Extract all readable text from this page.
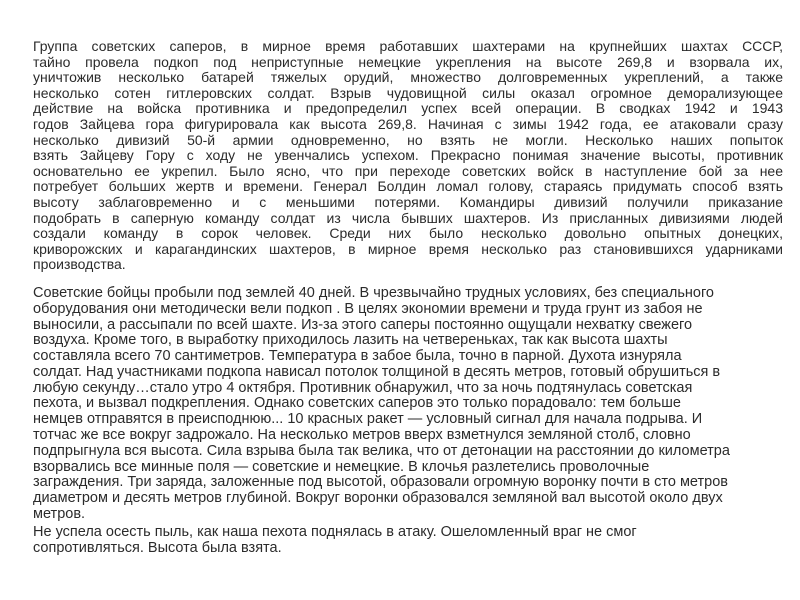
Группа советских саперов, в мирное время работавших шахтерами на крупнейших шахтах СССР,
тайно провела подкоп под неприступные немецкие укрепления на высоте 269,8 и взорвала их,
уничтожив несколько батарей тяжелых орудий, множество долговременных укреплений, а также
несколько сотен гитлеровских солдат. Взрыв чудовищной силы оказал огромное деморализующее
действие на войска противника и предопределил успех всей операции. В сводках 1942 и 1943
годов Зайцева гора фигурировала как высота 269,8. Начиная с зимы 1942 года, ее атаковали сразу
несколько дивизий 50-й армии одновременно, но взять не могли. Несколько наших попыток
взять Зайцеву Гору с ходу не увенчались успехом. Прекрасно понимая значение высоты, противник
основательно ее укрепил. Было ясно, что при переходе советских войск в наступление бой за нее
потребует больших жертв и времени. Генерал Болдин ломал голову, стараясь придумать способ взять
высоту заблаговременно и с меньшими потерями. Командиры дивизий получили приказание
подобрать в саперную команду солдат из числа бывших шахтеров. Из присланных дивизиями людей
создали команду в сорок человек. Среди них было несколько довольно опытных донецких,
криворожских и карагандинских шахтеров, в мирное время несколько раз становившихся ударниками
производства.
Советские бойцы пробыли под землей 40 дней. В чрезвычайно трудных условиях, без специального
оборудования они методически вели подкоп . В целях экономии времени и труда грунт из забоя не
выносили, а рассыпали по всей шахте. Из-за этого саперы постоянно ощущали нехватку свежего
воздуха. Кроме того, в выработку приходилось лазить на четвереньках, так как высота шахты
составляла всего 70 сантиметров. Температура в забое была, точно в парной. Духота изнуряла
солдат. Над участниками подкопа нависал потолок толщиной в десять метров, готовый обрушиться в
любую секунду…стало утро 4 октября. Противник обнаружил, что за ночь подтянулась советская
пехота, и вызвал подкрепления. Однако советских саперов это только порадовало: тем больше
немцев отправятся в преисподнюю... 10 красных ракет — условный сигнал для начала подрыва. И
тотчас же все вокруг задрожало. На несколько метров вверх взметнулся земляной столб, словно
подпрыгнула вся высота. Сила взрыва была так велика, что от детонации на расстоянии до километра
взорвались все минные поля — советские и немецкие. В клочья разлетелись проволочные
заграждения. Три заряда, заложенные под высотой, образовали огромную воронку почти в сто метров
диаметром и десять метров глубиной. Вокруг воронки образовался земляной вал высотой около двух
метров.
Не успела осесть пыль, как наша пехота поднялась в атаку. Ошеломленный враг не смог
сопротивляться. Высота была взята.
